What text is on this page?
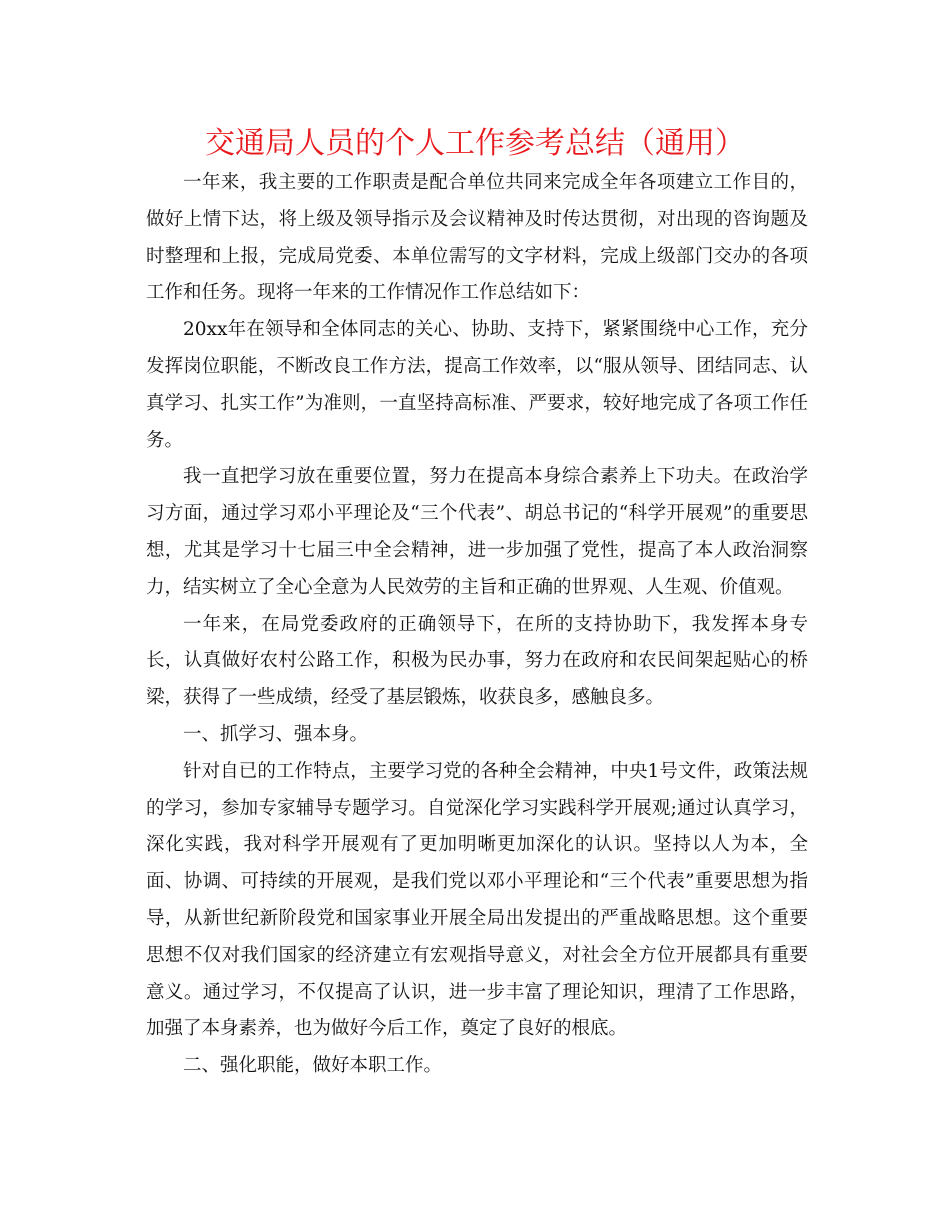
交通局人员的个人工作参考总结（通用）

一年来，我主要的工作职责是配合单位共同来完成全年各项建立工作目的，做好上情下达，将上级及领导指示及会议精神及时传达贯彻，对出现的咨询题及时整理和上报，完成局党委、本单位需写的文字材料，完成上级部门交办的各项工作和任务。现将一年来的工作情况作工作总结如下：

20xx年在领导和全体同志的关心、协助、支持下，紧紧围绕中心工作，充分发挥岗位职能，不断改良工作方法，提高工作效率，以“服从领导、团结同志、认真学习、扎实工作”为准则，一直坚持高标准、严要求，较好地完成了各项工作任务。

我一直把学习放在重要位置，努力在提高本身综合素养上下功夫。在政治学习方面，通过学习邓小平理论及“三个代表”、胡总书记的“科学开展观”的重要思想，尤其是学习十七届三中全会精神，进一步加强了党性，提高了本人政治洞察力，结实树立了全心全意为人民效劳的主旨和正确的世界观、人生观、价值观。

一年来，在局党委政府的正确领导下，在所的支持协助下，我发挥本身专长，认真做好农村公路工作，积极为民办事，努力在政府和农民间架起贴心的桥梁，获得了一些成绩，经受了基层锻炼，收获良多，感触良多。

一、抓学习、强本身。

针对自已的工作特点，主要学习党的各种全会精神，中央1号文件，政策法规的学习，参加专家辅导专题学习。自觉深化学习实践科学开展观;通过认真学习，深化实践，我对科学开展观有了更加明晰更加深化的认识。坚持以人为本，全面、协调、可持续的开展观，是我们党以邓小平理论和“三个代表”重要思想为指导，从新世纪新阶段党和国家事业开展全局出发提出的严重战略思想。这个重要思想不仅对我们国家的经济建立有宏观指导意义，对社会全方位开展都具有重要意义。通过学习，不仅提高了认识，进一步丰富了理论知识，理清了工作思路，加强了本身素养，也为做好今后工作，奠定了良好的根底。

二、强化职能，做好本职工作。
